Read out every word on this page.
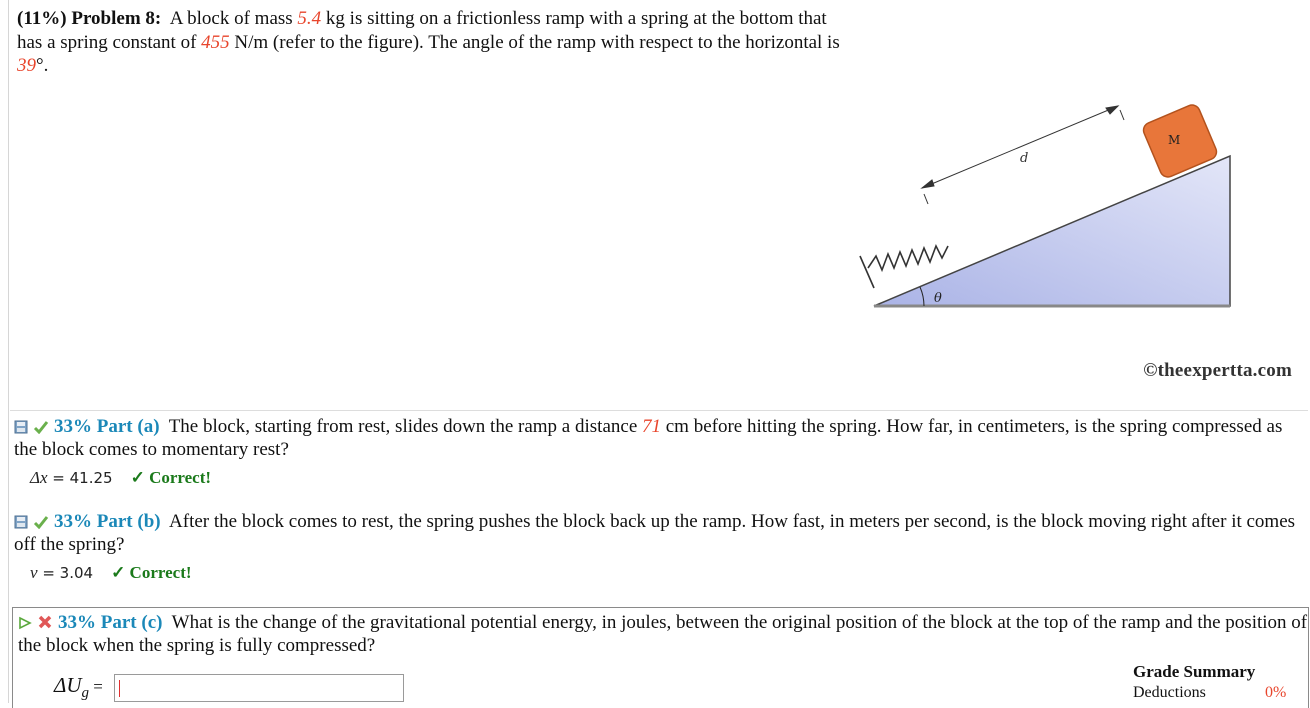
(11%) Problem 8: A block of mass 5.4 kg is sitting on a frictionless ramp with a spring at the bottom that has a spring constant of 455 N/m (refer to the figure). The angle of the ramp with respect to the horizontal is 39°.
d
M
θ
©theexpertta.com
33% Part (a) The block, starting from rest, slides down the ramp a distance 71 cm before hitting the spring. How far, in centimeters, is the spring compressed as the block comes to momentary rest?
Δx = 41.25 ✓ Correct!
33% Part (b) After the block comes to rest, the spring pushes the block back up the ramp. How fast, in meters per second, is the block moving right after it comes off the spring?
v = 3.04 ✓ Correct!
33% Part (c) What is the change of the gravitational potential energy, in joules, between the original position of the block at the top of the ramp and the position of the block when the spring is fully compressed?
$\Delta U_g$ =
Grade Summary
Deductions	0%
